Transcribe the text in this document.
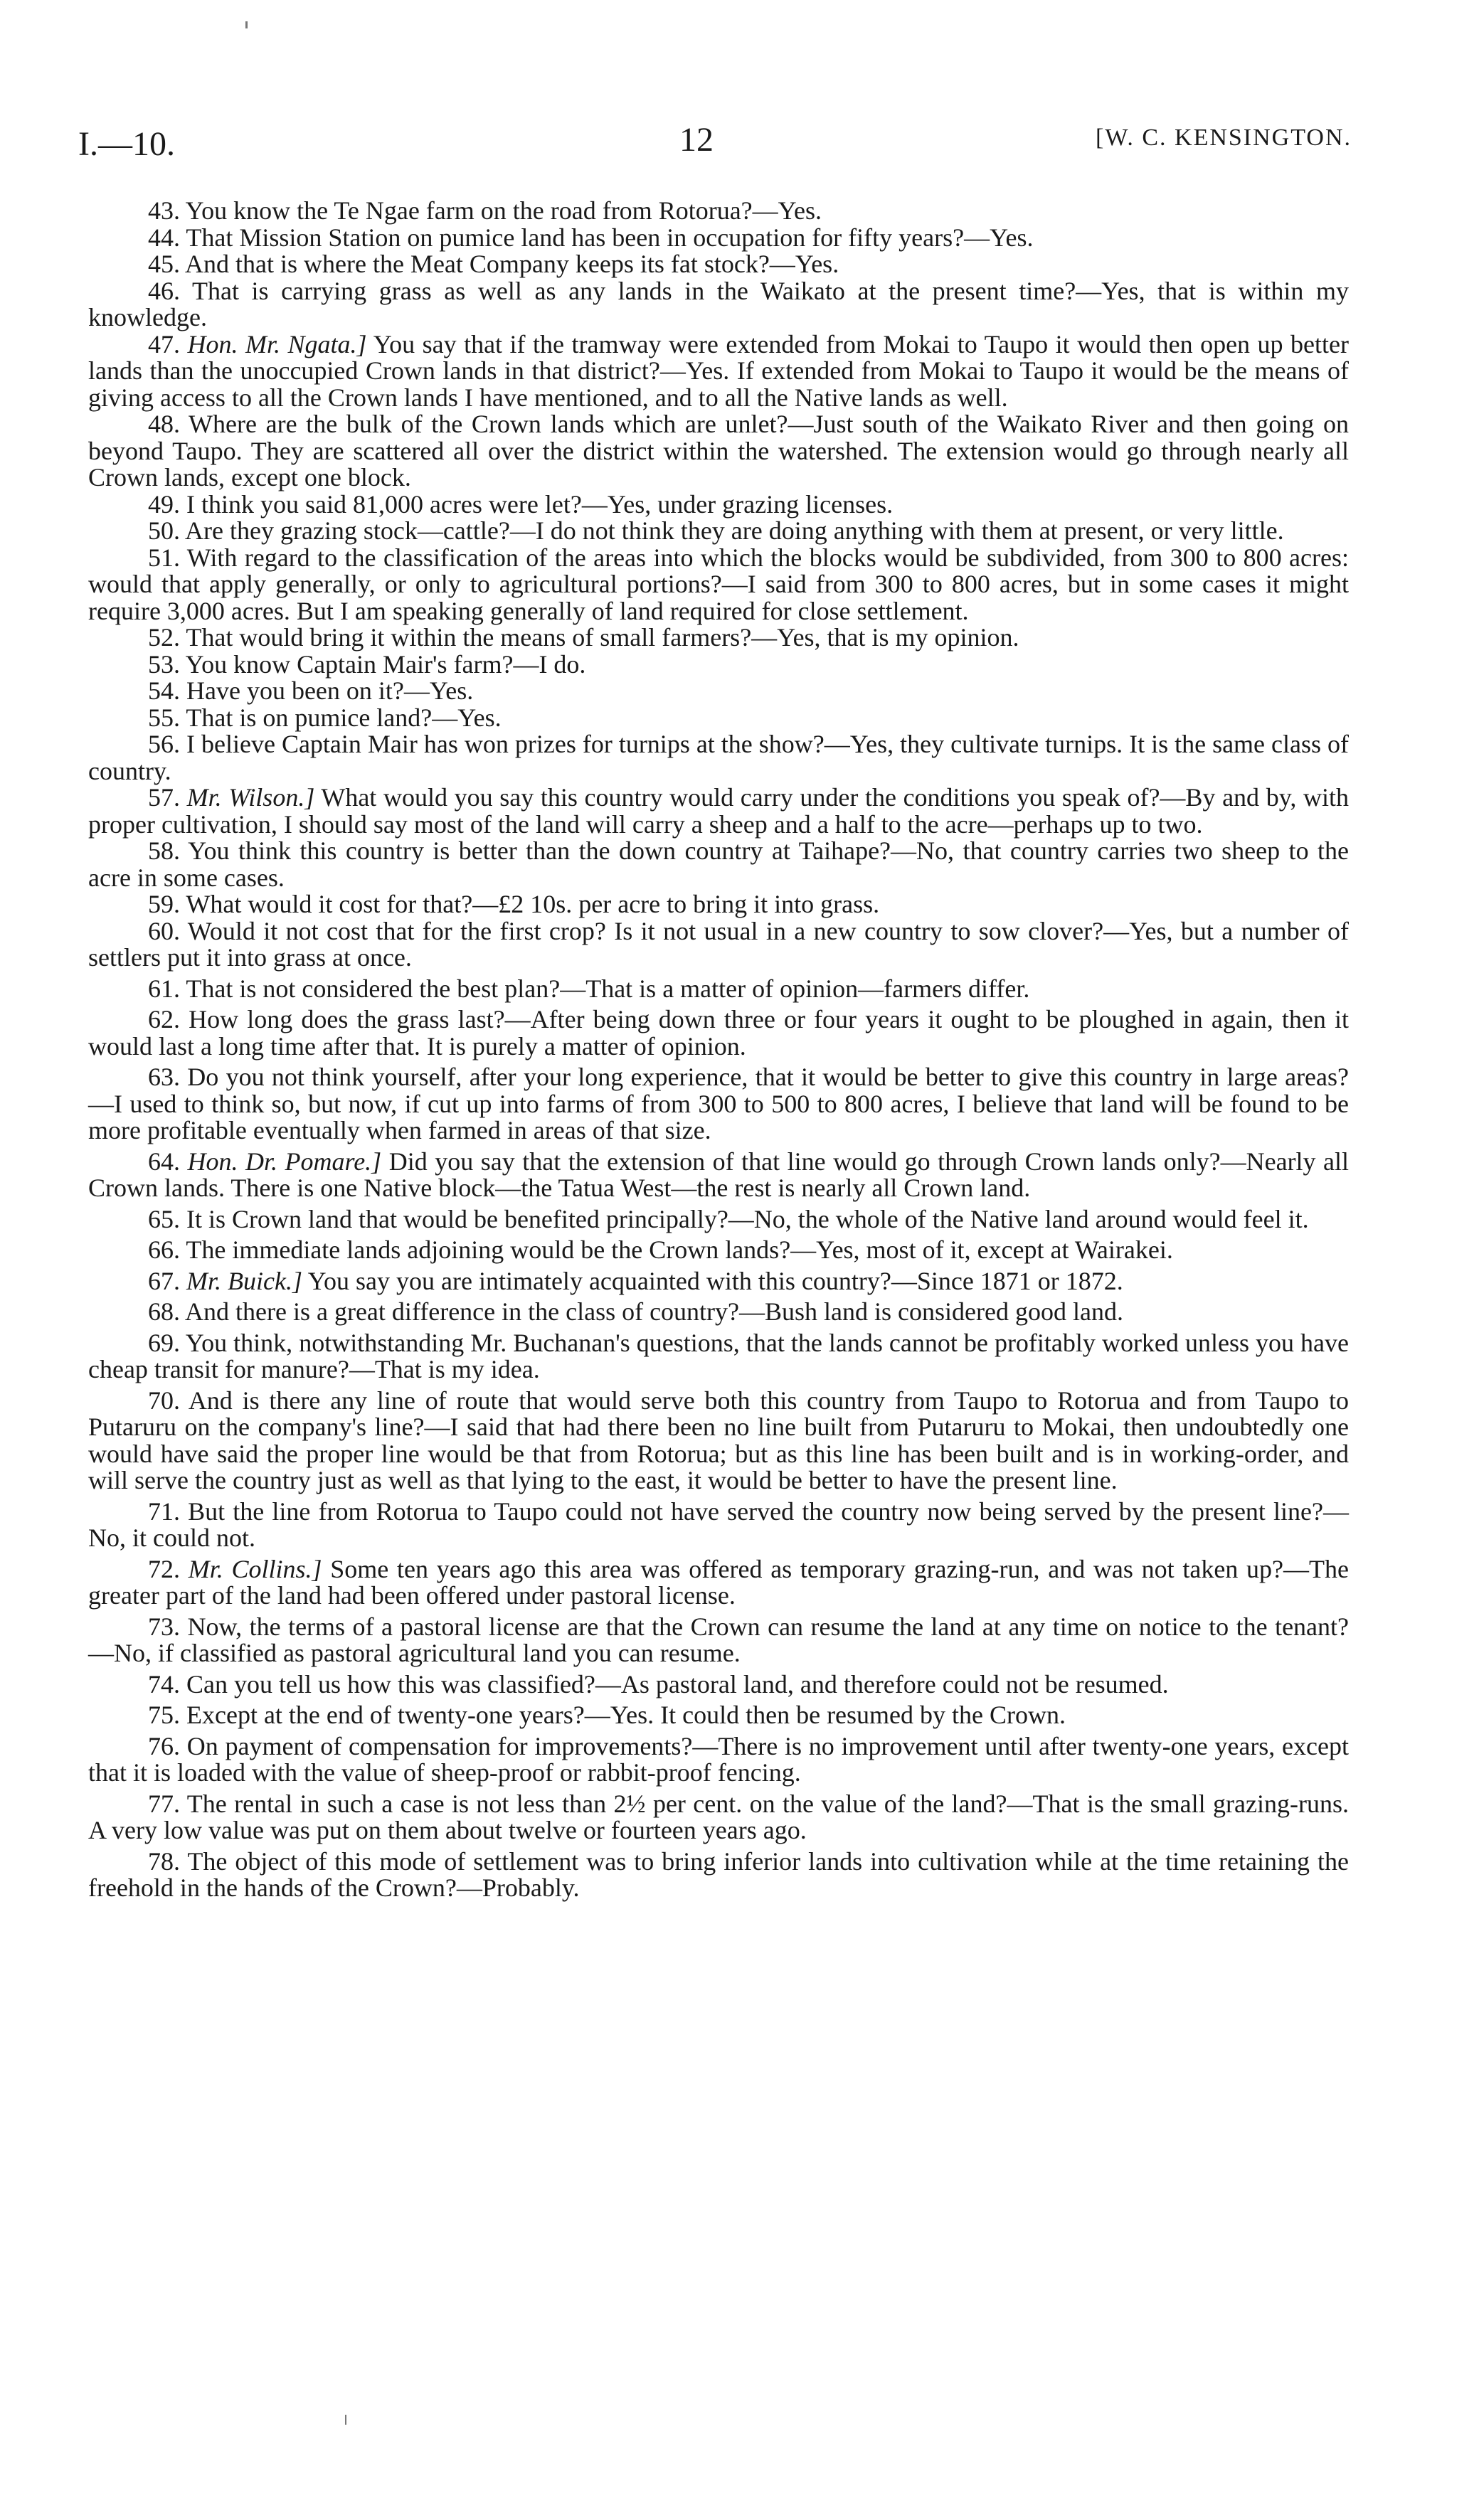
I.—10.	12	[W. C. KENSINGTON.

43. You know the Te Ngae farm on the road from Rotorua?—Yes.

44. That Mission Station on pumice land has been in occupation for fifty years?—Yes.

45. And that is where the Meat Company keeps its fat stock?—Yes.

46. That is carrying grass as well as any lands in the Waikato at the present time?—Yes, that is within my knowledge.

47. Hon. Mr. Ngata.] You say that if the tramway were extended from Mokai to Taupo it would then open up better lands than the unoccupied Crown lands in that district?—Yes. If extended from Mokai to Taupo it would be the means of giving access to all the Crown lands I have mentioned, and to all the Native lands as well.

48. Where are the bulk of the Crown lands which are unlet?—Just south of the Waikato River and then going on beyond Taupo. They are scattered all over the district within the watershed. The extension would go through nearly all Crown lands, except one block.

49. I think you said 81,000 acres were let?—Yes, under grazing licenses.

50. Are they grazing stock—cattle?—I do not think they are doing anything with them at present, or very little.

51. With regard to the classification of the areas into which the blocks would be subdivided, from 300 to 800 acres: would that apply generally, or only to agricultural portions?—I said from 300 to 800 acres, but in some cases it might require 3,000 acres. But I am speaking generally of land required for close settlement.

52. That would bring it within the means of small farmers?—Yes, that is my opinion.

53. You know Captain Mair's farm?—I do.

54. Have you been on it?—Yes.

55. That is on pumice land?—Yes.

56. I believe Captain Mair has won prizes for turnips at the show?—Yes, they cultivate turnips. It is the same class of country.

57. Mr. Wilson.] What would you say this country would carry under the conditions you speak of?—By and by, with proper cultivation, I should say most of the land will carry a sheep and a half to the acre—perhaps up to two.

58. You think this country is better than the down country at Taihape?—No, that country carries two sheep to the acre in some cases.

59. What would it cost for that?—£2 10s. per acre to bring it into grass.

60. Would it not cost that for the first crop? Is it not usual in a new country to sow clover?—Yes, but a number of settlers put it into grass at once.

61. That is not considered the best plan?—That is a matter of opinion—farmers differ.

62. How long does the grass last?—After being down three or four years it ought to be ploughed in again, then it would last a long time after that. It is purely a matter of opinion.

63. Do you not think yourself, after your long experience, that it would be better to give this country in large areas?—I used to think so, but now, if cut up into farms of from 300 to 500 to 800 acres, I believe that land will be found to be more profitable eventually when farmed in areas of that size.

64. Hon. Dr. Pomare.] Did you say that the extension of that line would go through Crown lands only?—Nearly all Crown lands. There is one Native block—the Tatua West—the rest is nearly all Crown land.

65. It is Crown land that would be benefited principally?—No, the whole of the Native land around would feel it.

66. The immediate lands adjoining would be the Crown lands?—Yes, most of it, except at Wairakei.

67. Mr. Buick.] You say you are intimately acquainted with this country?—Since 1871 or 1872.

68. And there is a great difference in the class of country?—Bush land is considered good land.

69. You think, notwithstanding Mr. Buchanan's questions, that the lands cannot be profitably worked unless you have cheap transit for manure?—That is my idea.

70. And is there any line of route that would serve both this country from Taupo to Rotorua and from Taupo to Putaruru on the company's line?—I said that had there been no line built from Putaruru to Mokai, then undoubtedly one would have said the proper line would be that from Rotorua; but as this line has been built and is in working-order, and will serve the country just as well as that lying to the east, it would be better to have the present line.

71. But the line from Rotorua to Taupo could not have served the country now being served by the present line?—No, it could not.

72. Mr. Collins.] Some ten years ago this area was offered as temporary grazing-run, and was not taken up?—The greater part of the land had been offered under pastoral license.

73. Now, the terms of a pastoral license are that the Crown can resume the land at any time on notice to the tenant?—No, if classified as pastoral agricultural land you can resume.

74. Can you tell us how this was classified?—As pastoral land, and therefore could not be resumed.

75. Except at the end of twenty-one years?—Yes. It could then be resumed by the Crown.

76. On payment of compensation for improvements?—There is no improvement until after twenty-one years, except that it is loaded with the value of sheep-proof or rabbit-proof fencing.

77. The rental in such a case is not less than 2½ per cent. on the value of the land?—That is the small grazing-runs. A very low value was put on them about twelve or fourteen years ago.

78. The object of this mode of settlement was to bring inferior lands into cultivation while at the time retaining the freehold in the hands of the Crown?—Probably.
